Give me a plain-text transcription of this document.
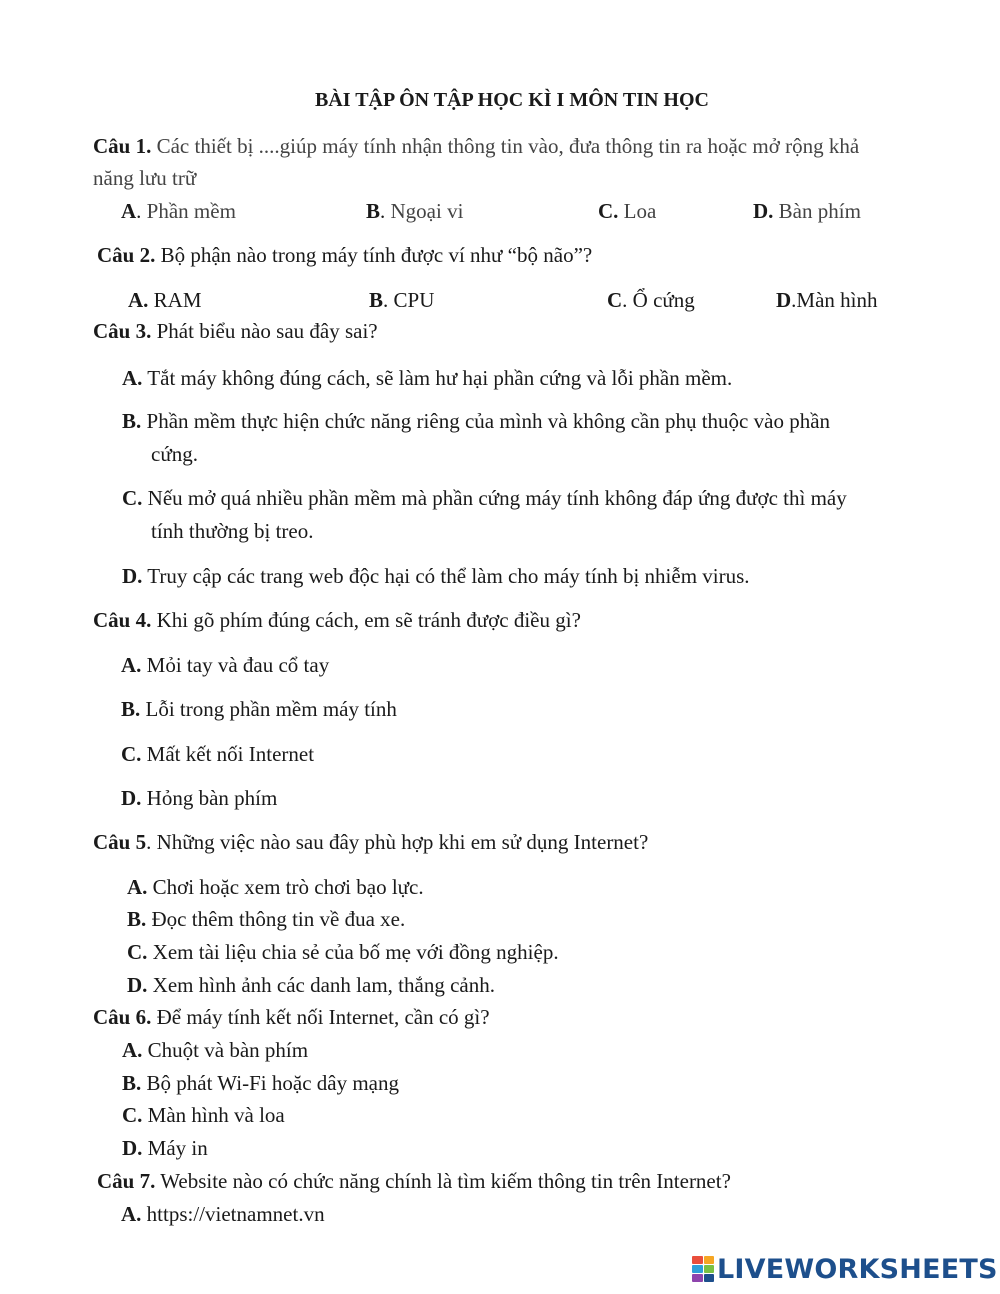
BÀI TẬP ÔN TẬP HỌC KÌ I MÔN TIN HỌC
Câu 1. Các thiết bị ....giúp máy tính nhận thông tin vào, đưa thông tin ra hoặc mở rộng khả
năng lưu trữ
A. Phần mềm	B. Ngoại vi	C. Loa	D. Bàn phím
Câu 2. Bộ phận nào trong máy tính được ví như “bộ não”?
A. RAM	B. CPU	C. Ổ cứng	D.Màn hình
Câu 3. Phát biểu nào sau đây sai?
A. Tắt máy không đúng cách, sẽ làm hư hại phần cứng và lỗi phần mềm.
B. Phần mềm thực hiện chức năng riêng của mình và không cần phụ thuộc vào phần
cứng.
C. Nếu mở quá nhiều phần mềm mà phần cứng máy tính không đáp ứng được thì máy
tính thường bị treo.
D. Truy cập các trang web độc hại có thể làm cho máy tính bị nhiễm virus.
Câu 4. Khi gõ phím đúng cách, em sẽ tránh được điều gì?
A. Mỏi tay và đau cổ tay
B. Lỗi trong phần mềm máy tính
C. Mất kết nối Internet
D. Hỏng bàn phím
Câu 5. Những việc nào sau đây phù hợp khi em sử dụng Internet?
A. Chơi hoặc xem trò chơi bạo lực.
B. Đọc thêm thông tin về đua xe.
C. Xem tài liệu chia sẻ của bố mẹ với đồng nghiệp.
D. Xem hình ảnh các danh lam, thắng cảnh.
Câu 6. Để máy tính kết nối Internet, cần có gì?
A. Chuột và bàn phím
B. Bộ phát Wi-Fi hoặc dây mạng
C. Màn hình và loa
D. Máy in
Câu 7. Website nào có chức năng chính là tìm kiếm thông tin trên Internet?
A. https://vietnamnet.vn
LIVEWORKSHEETS
